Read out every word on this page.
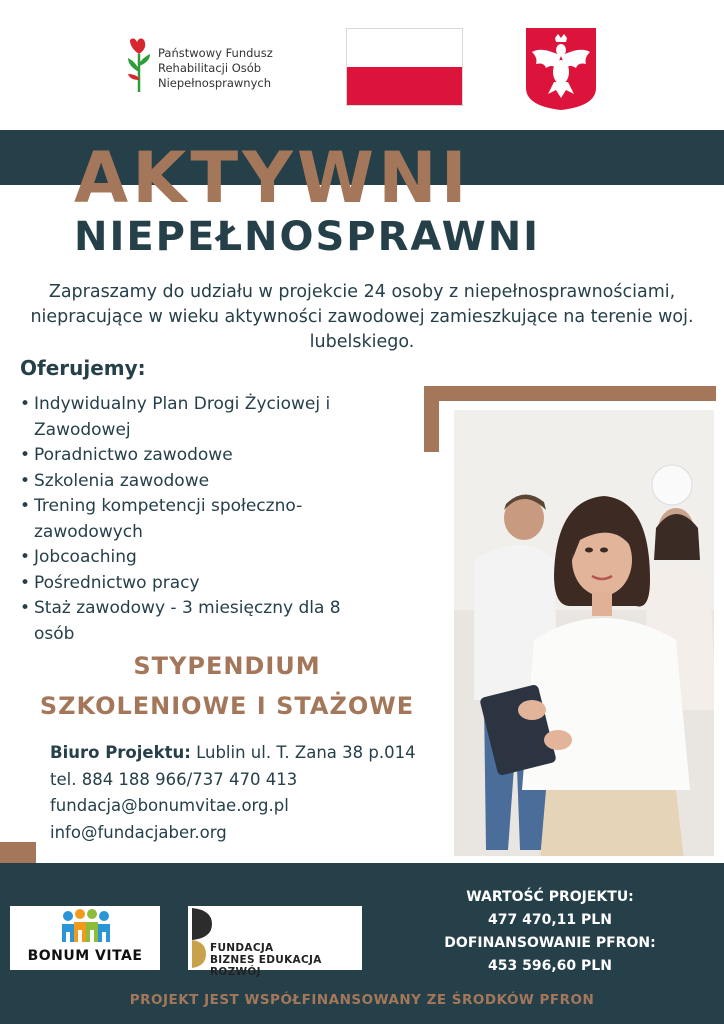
Państwowy Fundusz
Rehabilitacji Osób
Niepełnosprawnych
AKTYWNI
NIEPEŁNOSPRAWNI
Zapraszamy do udziału w projekcie 24 osoby z niepełnosprawnościami, niepracujące w wieku aktywności zawodowej zamieszkujące na terenie woj. lubelskiego.
Oferujemy:
• Indywidualny Plan Drogi Życiowej i Zawodowej
• Poradnictwo zawodowe
• Szkolenia zawodowe
• Trening kompetencji społeczno-zawodowych
• Jobcoaching
• Pośrednictwo pracy
• Staż zawodowy - 3 miesięczny dla 8 osób
STYPENDIUM
SZKOLENIOWE I STAŻOWE
Biuro Projektu: Lublin ul. T. Zana 38 p.014
tel. 884 188 966/737 470 413
fundacja@bonumvitae.org.pl
info@fundacjaber.org
BONUM VITAE	FUNDACJA
BIZNES EDUKACJA ROZWÓJ
WARTOŚĆ PROJEKTU:
477 470,11 PLN
DOFINANSOWANIE PFRON:
453 596,60 PLN
PROJEKT JEST WSPÓŁFINANSOWANY ZE ŚRODKÓW PFRON
